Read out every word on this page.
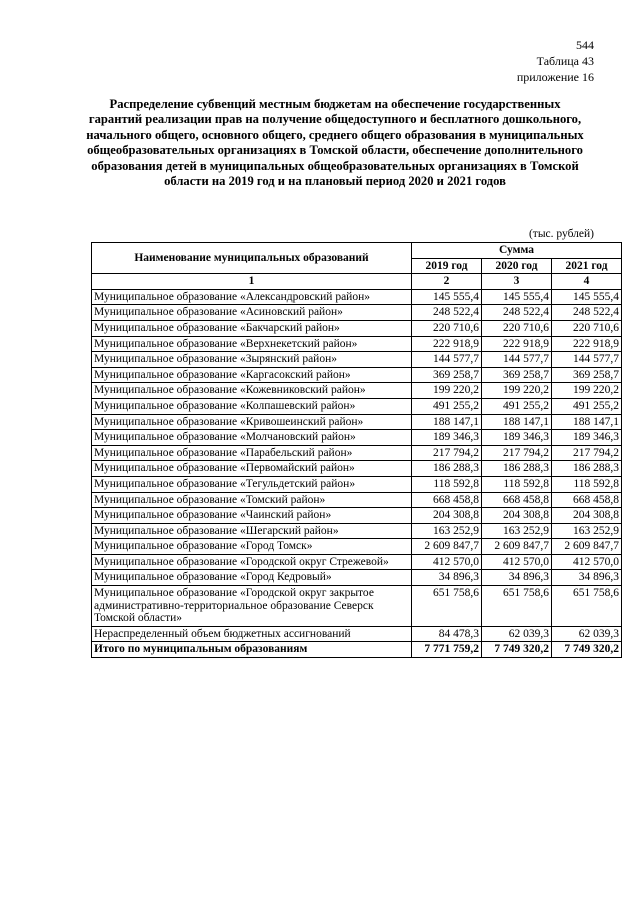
544
Таблица 43
приложение 16
Распределение субвенций местным бюджетам на обеспечение государственных гарантий реализации прав на получение общедоступного и бесплатного дошкольного, начального общего, основного общего, среднего общего образования в муниципальных общеобразовательных организациях в Томской области, обеспечение дополнительного образования детей в муниципальных общеобразовательных организациях в Томской области на 2019 год и на плановый период 2020 и 2021 годов
(тыс. рублей)
Наименование муниципальных образований	Сумма		
	2019 год	2020 год	2021 год
1	2	3	4
Муниципальное образование «Александровский район»	145 555,4	145 555,4	145 555,4
Муниципальное образование «Асиновский район»	248 522,4	248 522,4	248 522,4
Муниципальное образование «Бакчарский район»	220 710,6	220 710,6	220 710,6
Муниципальное образование «Верхнекетский район»	222 918,9	222 918,9	222 918,9
Муниципальное образование «Зырянский район»	144 577,7	144 577,7	144 577,7
Муниципальное образование «Каргасокский район»	369 258,7	369 258,7	369 258,7
Муниципальное образование «Кожевниковский район»	199 220,2	199 220,2	199 220,2
Муниципальное образование «Колпашевский район»	491 255,2	491 255,2	491 255,2
Муниципальное образование «Кривошеинский район»	188 147,1	188 147,1	188 147,1
Муниципальное образование «Молчановский район»	189 346,3	189 346,3	189 346,3
Муниципальное образование «Парабельский район»	217 794,2	217 794,2	217 794,2
Муниципальное образование «Первомайский район»	186 288,3	186 288,3	186 288,3
Муниципальное образование «Тегульдетский район»	118 592,8	118 592,8	118 592,8
Муниципальное образование «Томский район»	668 458,8	668 458,8	668 458,8
Муниципальное образование «Чаинский район»	204 308,8	204 308,8	204 308,8
Муниципальное образование «Шегарский район»	163 252,9	163 252,9	163 252,9
Муниципальное образование «Город Томск»	2 609 847,7	2 609 847,7	2 609 847,7
Муниципальное образование «Городской округ Стрежевой»	412 570,0	412 570,0	412 570,0
Муниципальное образование «Город Кедровый»	34 896,3	34 896,3	34 896,3
Муниципальное образование «Городской округ закрытое административно-территориальное образование Северск Томской области»	651 758,6	651 758,6	651 758,6
Нераспределенный объем бюджетных ассигнований	84 478,3	62 039,3	62 039,3
Итого по муниципальным образованиям	7 771 759,2	7 749 320,2	7 749 320,2
